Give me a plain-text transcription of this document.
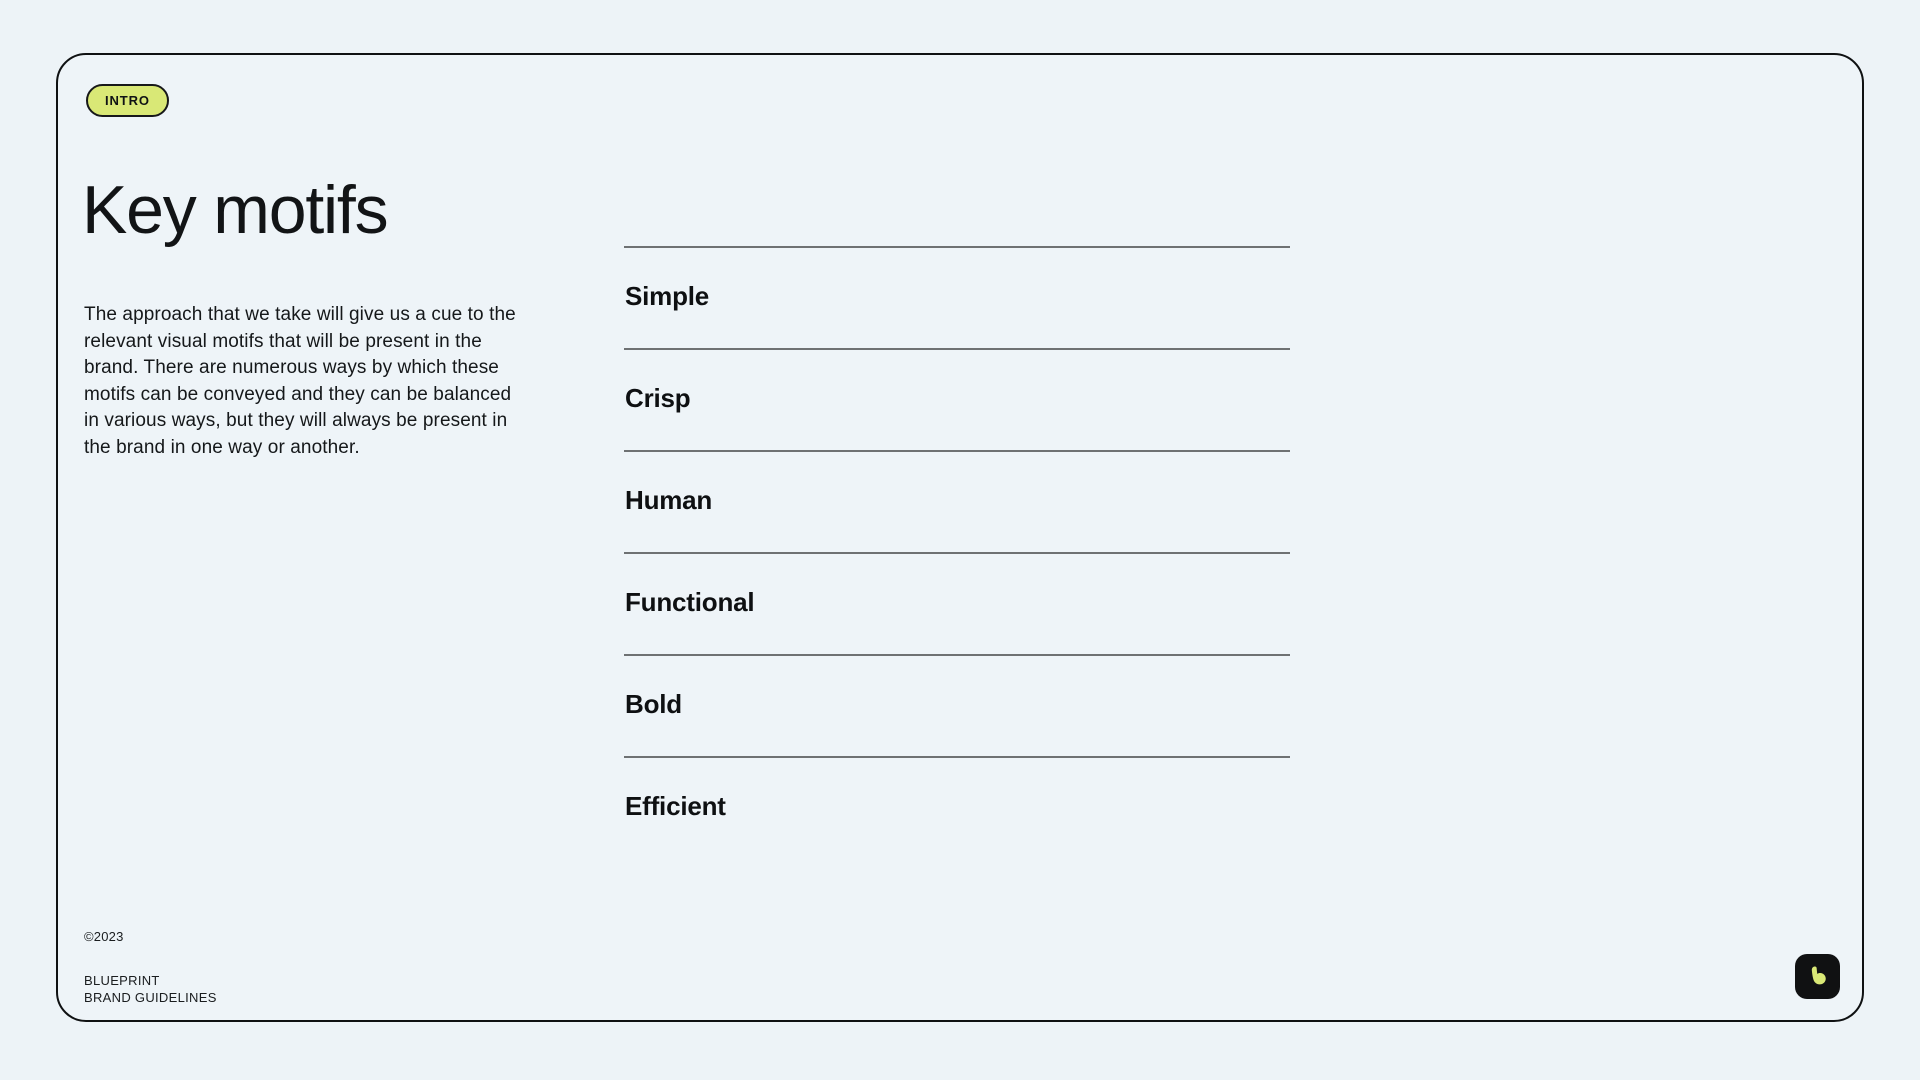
INTRO
Key motifs

The approach that we take will give us a cue to the relevant visual motifs that will be present in the brand. There are numerous ways by which these motifs can be conveyed and they can be balanced in various ways, but they will always be present in the brand in one way or another.

Simple
Crisp
Human
Functional
Bold
Efficient
©2023
BLUEPRINT
BRAND GUIDELINES
